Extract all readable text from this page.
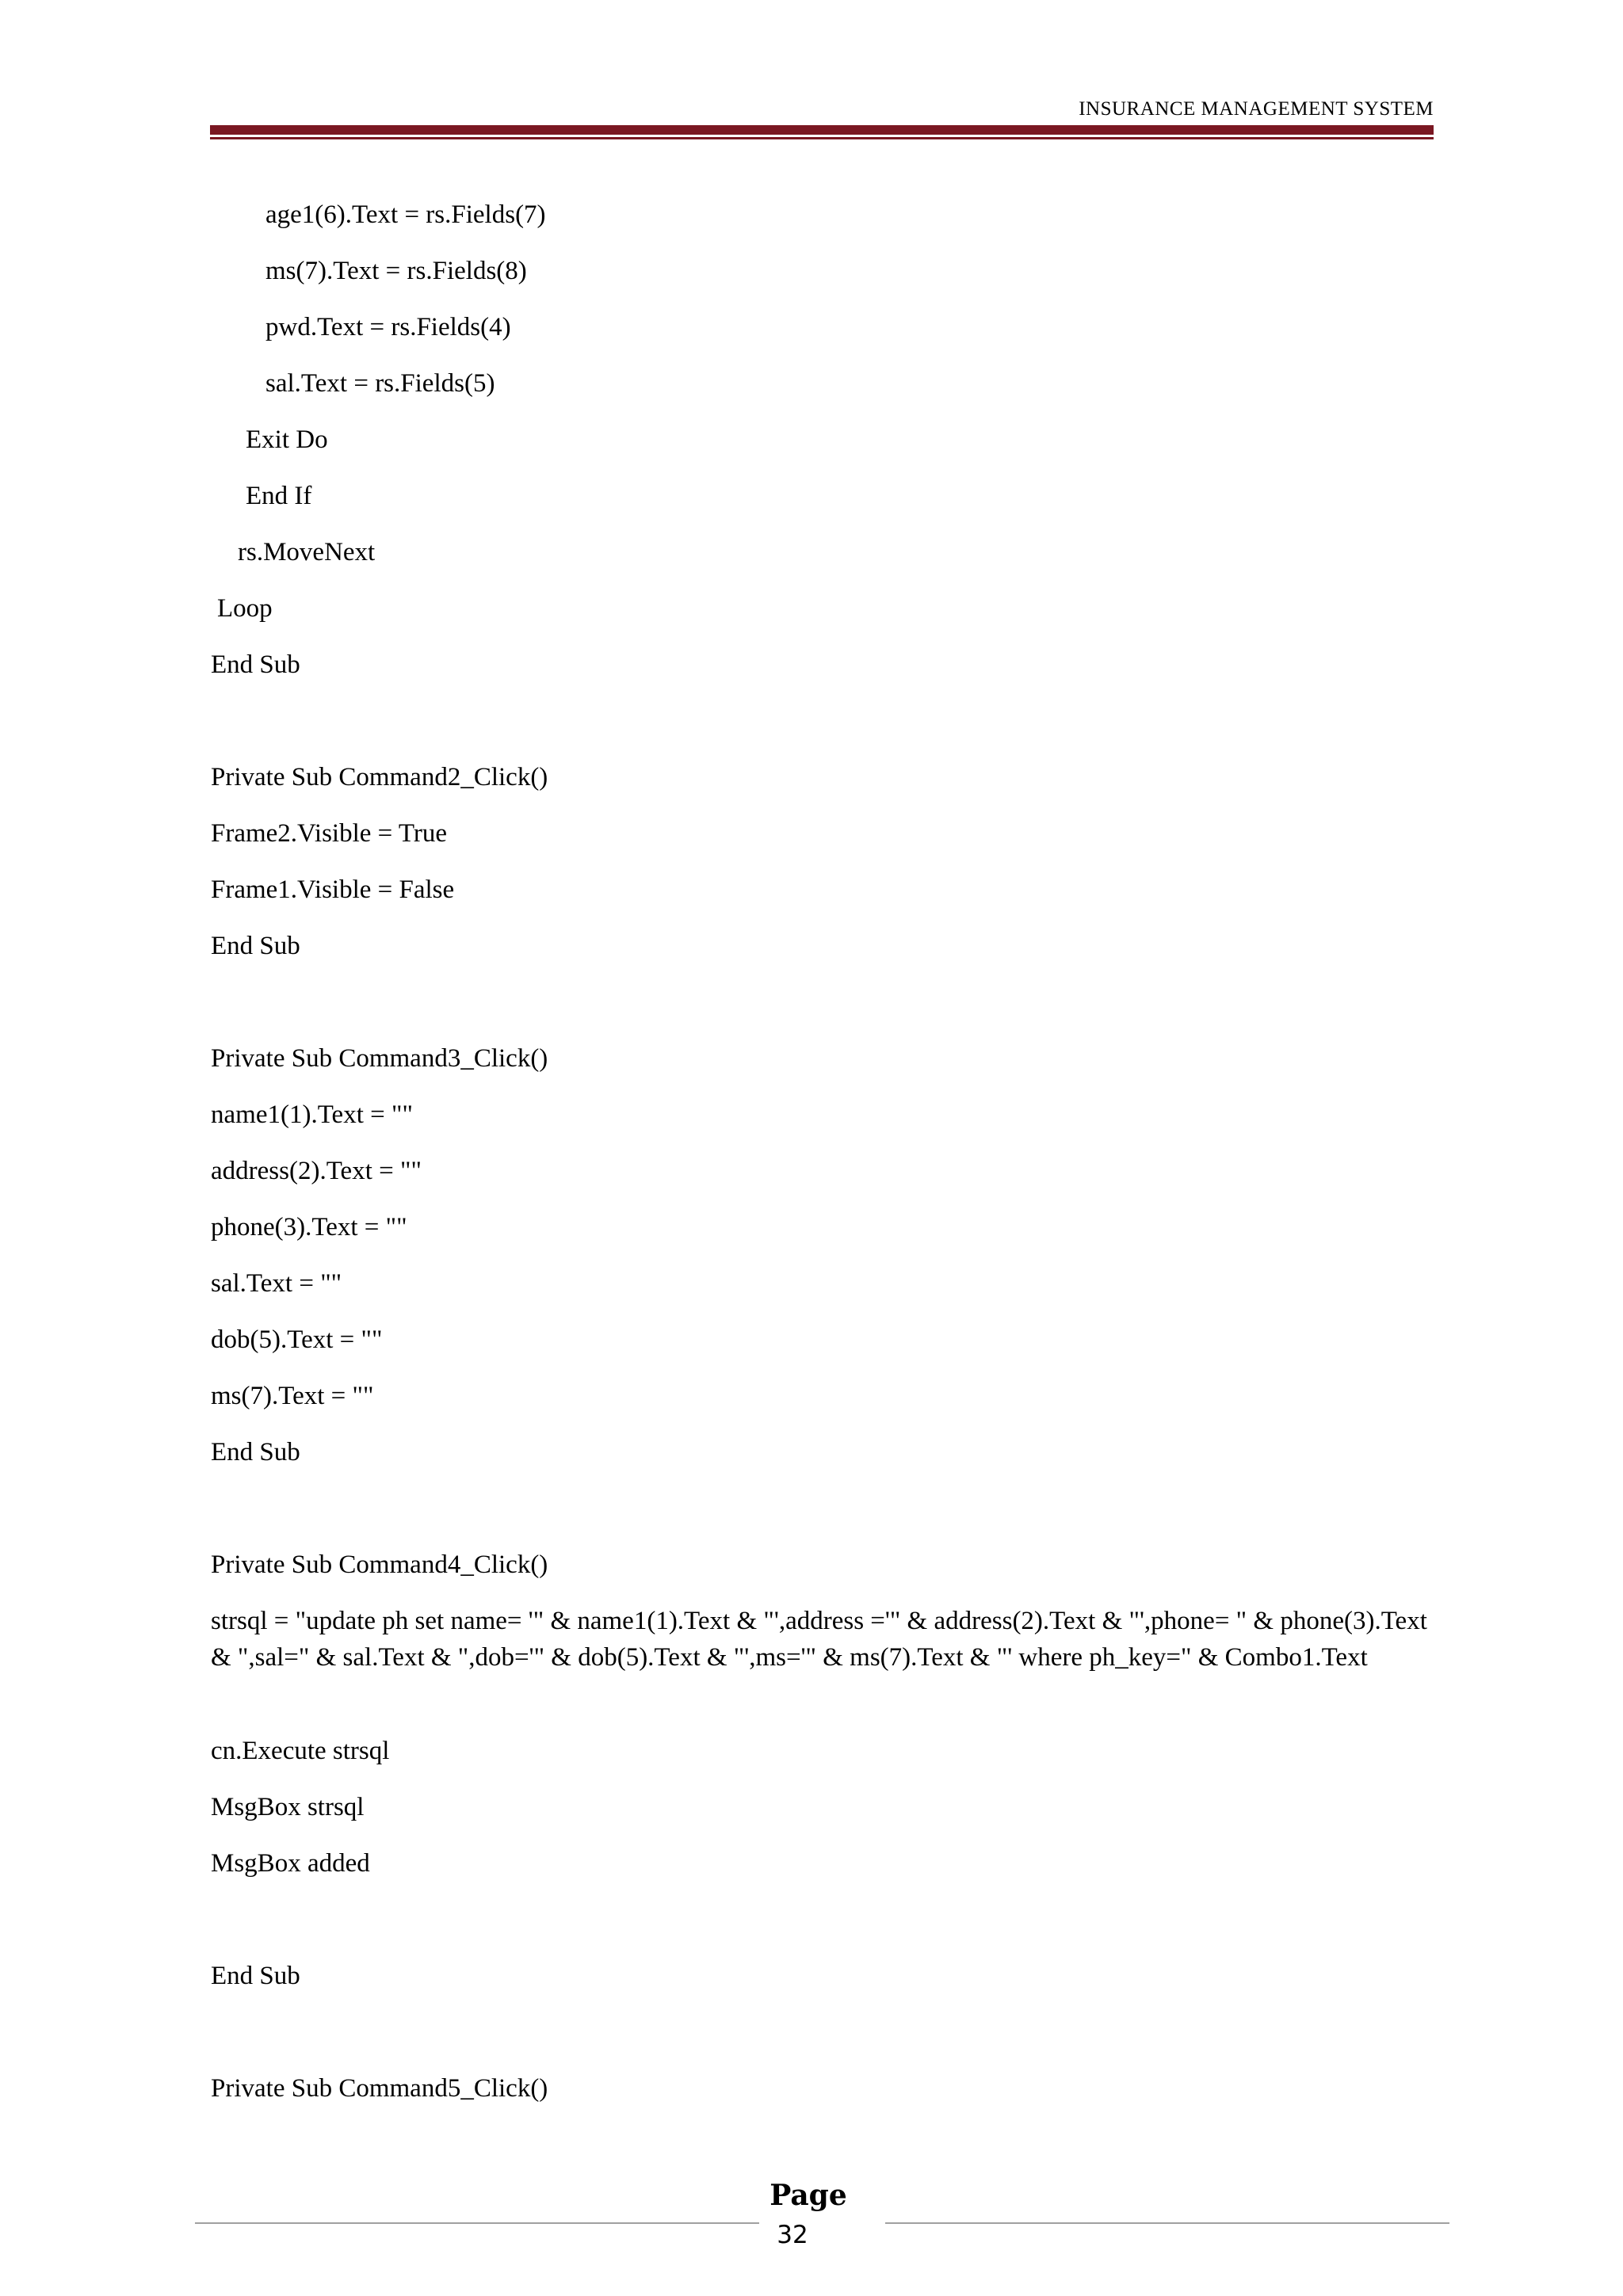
INSURANCE MANAGEMENT SYSTEM
age1(6).Text = rs.Fields(7)
ms(7).Text = rs.Fields(8)
pwd.Text = rs.Fields(4)
sal.Text = rs.Fields(5)
Exit Do
End If
rs.MoveNext
Loop
End Sub
Private Sub Command2_Click()
Frame2.Visible = True
Frame1.Visible = False
End Sub
Private Sub Command3_Click()
name1(1).Text = ""
address(2).Text = ""
phone(3).Text = ""
sal.Text = ""
dob(5).Text = ""
ms(7).Text = ""
End Sub
Private Sub Command4_Click()
strsql = "update ph set name= '" & name1(1).Text & "',address ='" & address(2).Text & "',phone= " & phone(3).Text & ",sal=" & sal.Text & ",dob='" & dob(5).Text & "',ms='" & ms(7).Text & "' where ph_key=" & Combo1.Text
cn.Execute strsql
MsgBox strsql
MsgBox added
End Sub
Private Sub Command5_Click()
Page
32
